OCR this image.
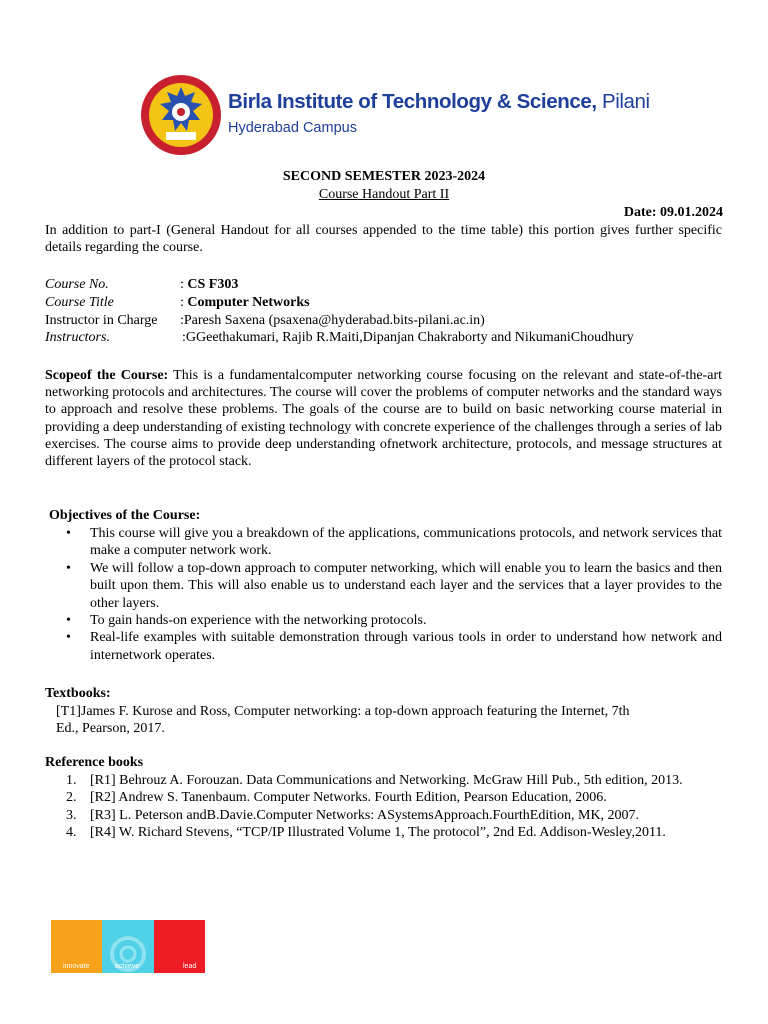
Birla Institute of Technology & Science, Pilani
Hyderabad Campus
SECOND SEMESTER 2023-2024
Course Handout Part II
Date: 09.01.2024
In addition to part-I (General Handout for all courses appended to the time table) this portion gives further specific details regarding the course.
Course No.	: CS F303
Course Title	: Computer Networks
Instructor in Charge :Paresh Saxena (psaxena@hyderabad.bits-pilani.ac.in)
Instructors.	:GGeethakumari, Rajib R.Maiti,Dipanjan Chakraborty and NikumaniChoudhury
Scopeof the Course: This is a fundamentalcomputer networking course focusing on the relevant and state-of-the-art networking protocols and architectures. The course will cover the problems of computer networks and the standard ways to approach and resolve these problems. The goals of the course are to build on basic networking course material in providing a deep understanding of existing technology with concrete experience of the challenges through a series of lab exercises. The course aims to provide deep understanding ofnetwork architecture, protocols, and message structures at different layers of the protocol stack.
Objectives of the Course:
• This course will give you a breakdown of the applications, communications protocols, and network services that make a computer network work.
• We will follow a top-down approach to computer networking, which will enable you to learn the basics and then built upon them. This will also enable us to understand each layer and the services that a layer provides to the other layers.
• To gain hands-on experience with the networking protocols.
• Real-life examples with suitable demonstration through various tools in order to understand how network and internetwork operates.
Textbooks:
[T1]James F. Kurose and Ross, Computer networking: a top-down approach featuring the Internet, 7th
Ed., Pearson, 2017.
Reference books
1. [R1] Behrouz A. Forouzan. Data Communications and Networking. McGraw Hill Pub., 5th edition, 2013.
2. [R2] Andrew S. Tanenbaum. Computer Networks. Fourth Edition, Pearson Education, 2006.
3. [R3] L. Peterson andB.Davie.Computer Networks: ASystemsApproach.FourthEdition, MK, 2007.
4. [R4] W. Richard Stevens, “TCP/IP Illustrated Volume 1, The protocol”, 2nd Ed. Addison-Wesley,2011.
innovate	achieve	lead
